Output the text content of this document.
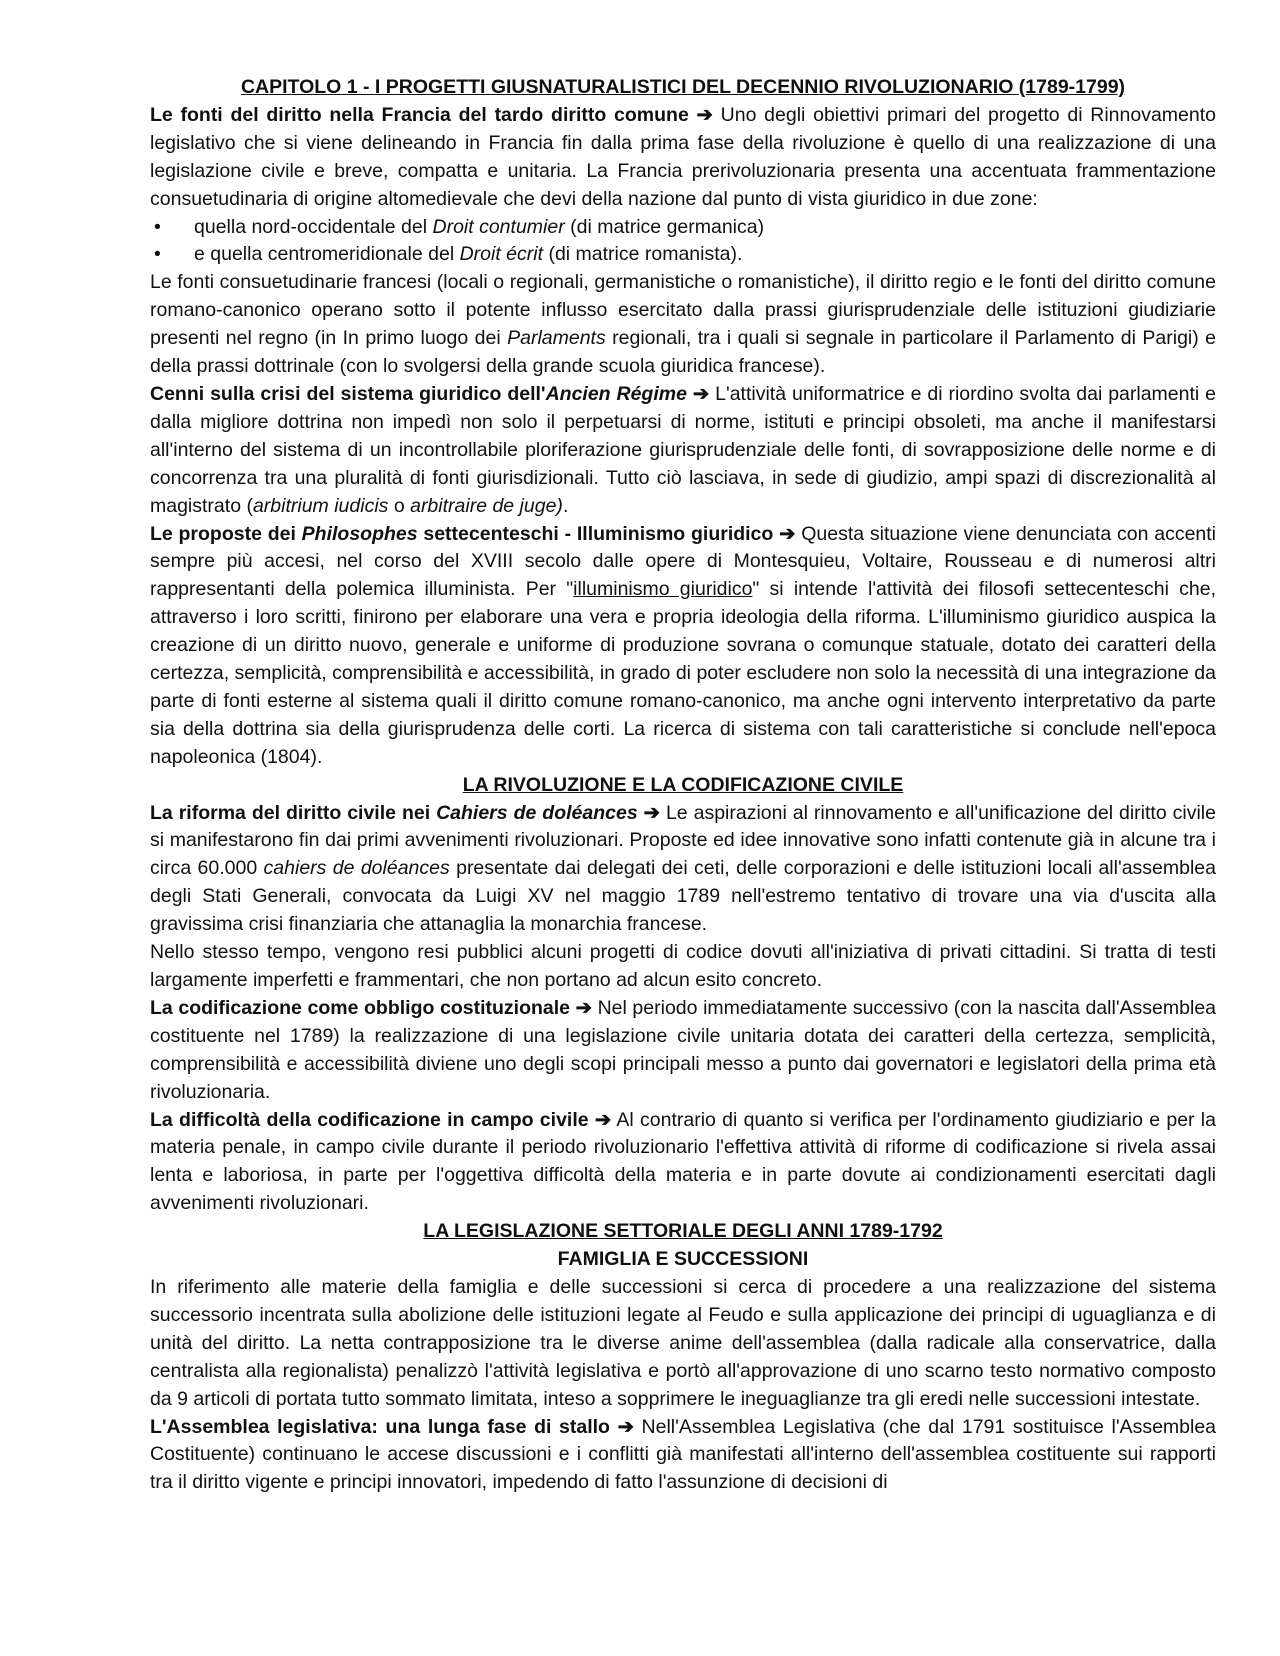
CAPITOLO 1 - I PROGETTI GIUSNATURALISTICI DEL DECENNIO RIVOLUZIONARIO (1789-1799)

Le fonti del diritto nella Francia del tardo diritto comune ➔ Uno degli obiettivi primari del progetto di Rinnovamento legislativo che si viene delineando in Francia fin dalla prima fase della rivoluzione è quello di una realizzazione di una legislazione civile e breve, compatta e unitaria. La Francia prerivoluzionaria presenta una accentuata frammentazione consuetudinaria di origine altomedievale che devi della nazione dal punto di vista giuridico in due zone:

• quella nord-occidentale del Droit contumier (di matrice germanica)
• e quella centromeridionale del Droit écrit (di matrice romanista).

Le fonti consuetudinarie francesi (locali o regionali, germanistiche o romanistiche), il diritto regio e le fonti del diritto comune romano-canonico operano sotto il potente influsso esercitato dalla prassi giurisprudenziale delle istituzioni giudiziarie presenti nel regno (in In primo luogo dei Parlaments regionali, tra i quali si segnale in particolare il Parlamento di Parigi) e della prassi dottrinale (con lo svolgersi della grande scuola giuridica francese).

Cenni sulla crisi del sistema giuridico dell'Ancien Régime ➔ L'attività uniformatrice e di riordino svolta dai parlamenti e dalla migliore dottrina non impedì non solo il perpetuarsi di norme, istituti e principi obsoleti, ma anche il manifestarsi all'interno del sistema di un incontrollabile ploriferazione giurisprudenziale delle fonti, di sovrapposizione delle norme e di concorrenza tra una pluralità di fonti giurisdizionali. Tutto ciò lasciava, in sede di giudizio, ampi spazi di discrezionalità al magistrato (arbitrium iudicis o arbitraire de juge).

Le proposte dei Philosophes settecenteschi - Illuminismo giuridico ➔ Questa situazione viene denunciata con accenti sempre più accesi, nel corso del XVIII secolo dalle opere di Montesquieu, Voltaire, Rousseau e di numerosi altri rappresentanti della polemica illuminista. Per "illuminismo giuridico" si intende l'attività dei filosofi settecenteschi che, attraverso i loro scritti, finirono per elaborare una vera e propria ideologia della riforma. L'illuminismo giuridico auspica la creazione di un diritto nuovo, generale e uniforme di produzione sovrana o comunque statuale, dotato dei caratteri della certezza, semplicità, comprensibilità e accessibilità, in grado di poter escludere non solo la necessità di una integrazione da parte di fonti esterne al sistema quali il diritto comune romano-canonico, ma anche ogni intervento interpretativo da parte sia della dottrina sia della giurisprudenza delle corti. La ricerca di sistema con tali caratteristiche si conclude nell'epoca napoleonica (1804).

LA RIVOLUZIONE E LA CODIFICAZIONE CIVILE

La riforma del diritto civile nei Cahiers de doléances ➔ Le aspirazioni al rinnovamento e all'unificazione del diritto civile si manifestarono fin dai primi avvenimenti rivoluzionari. Proposte ed idee innovative sono infatti contenute già in alcune tra i circa 60.000 cahiers de doléances presentate dai delegati dei ceti, delle corporazioni e delle istituzioni locali all'assemblea degli Stati Generali, convocata da Luigi XV nel maggio 1789 nell'estremo tentativo di trovare una via d'uscita alla gravissima crisi finanziaria che attanaglia la monarchia francese.

Nello stesso tempo, vengono resi pubblici alcuni progetti di codice dovuti all'iniziativa di privati cittadini. Si tratta di testi largamente imperfetti e frammentari, che non portano ad alcun esito concreto.

La codificazione come obbligo costituzionale ➔ Nel periodo immediatamente successivo (con la nascita dall'Assemblea costituente nel 1789) la realizzazione di una legislazione civile unitaria dotata dei caratteri della certezza, semplicità, comprensibilità e accessibilità diviene uno degli scopi principali messo a punto dai governatori e legislatori della prima età rivoluzionaria.

La difficoltà della codificazione in campo civile ➔ Al contrario di quanto si verifica per l'ordinamento giudiziario e per la materia penale, in campo civile durante il periodo rivoluzionario l'effettiva attività di riforme di codificazione si rivela assai lenta e laboriosa, in parte per l'oggettiva difficoltà della materia e in parte dovute ai condizionamenti esercitati dagli avvenimenti rivoluzionari.

LA LEGISLAZIONE SETTORIALE DEGLI ANNI 1789-1792
FAMIGLIA E SUCCESSIONI

In riferimento alle materie della famiglia e delle successioni si cerca di procedere a una realizzazione del sistema successorio incentrata sulla abolizione delle istituzioni legate al Feudo e sulla applicazione dei principi di uguaglianza e di unità del diritto. La netta contrapposizione tra le diverse anime dell'assemblea (dalla radicale alla conservatrice, dalla centralista alla regionalista) penalizzò l'attività legislativa e portò all'approvazione di uno scarno testo normativo composto da 9 articoli di portata tutto sommato limitata, inteso a sopprimere le ineguaglianze tra gli eredi nelle successioni intestate.

L'Assemblea legislativa: una lunga fase di stallo ➔ Nell'Assemblea Legislativa (che dal 1791 sostituisce l'Assemblea Costituente) continuano le accese discussioni e i conflitti già manifestati all'interno dell'assemblea costituente sui rapporti tra il diritto vigente e principi innovatori, impedendo di fatto l'assunzione di decisioni di
